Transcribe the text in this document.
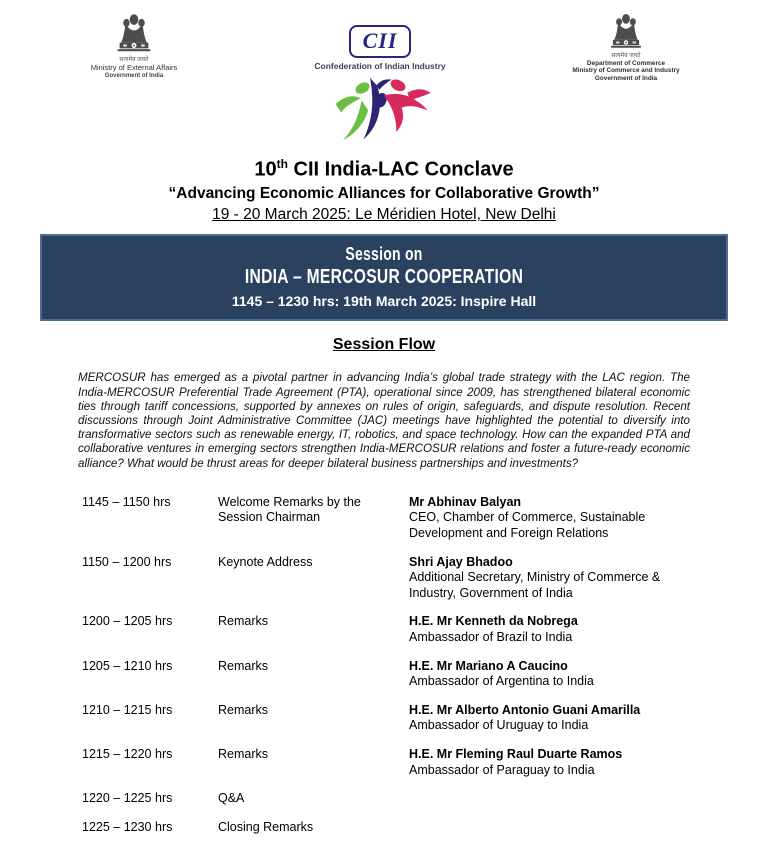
सत्यमेव जयते
Ministry of External Affairs
Government of India
CII
Confederation of Indian Industry
सत्यमेव जयते
Department of Commerce
Ministry of Commerce and Industry
Government of India
10th CII India-LAC Conclave
“Advancing Economic Alliances for Collaborative Growth”
19 - 20 March 2025: Le Méridien Hotel, New Delhi
Session on
INDIA – MERCOSUR COOPERATION
1145 – 1230 hrs: 19th March 2025: Inspire Hall
Session Flow

MERCOSUR has emerged as a pivotal partner in advancing India’s global trade strategy with the LAC region. The India-MERCOSUR Preferential Trade Agreement (PTA), operational since 2009, has strengthened bilateral economic ties through tariff concessions, supported by annexes on rules of origin, safeguards, and dispute resolution. Recent discussions through Joint Administrative Committee (JAC) meetings have highlighted the potential to diversify into transformative sectors such as renewable energy, IT, robotics, and space technology. How can the expanded PTA and collaborative ventures in emerging sectors strengthen India-MERCOSUR relations and foster a future-ready economic alliance? What would be thrust areas for deeper bilateral business partnerships and investments?

1145 – 1150 hrs	Welcome Remarks by the Session Chairman
Mr Abhinav Balyan
CEO, Chamber of Commerce, Sustainable Development and Foreign Relations
1150 – 1200 hrs	Keynote Address	Shri Ajay Bhadoo
Additional Secretary, Ministry of Commerce & Industry, Government of India
1200 – 1205 hrs	Remarks	H.E. Mr Kenneth da Nobrega
Ambassador of Brazil to India
1205 – 1210 hrs	Remarks	H.E. Mr Mariano A Caucino
Ambassador of Argentina to India
1210 – 1215 hrs	Remarks	H.E. Mr Alberto Antonio Guani Amarilla
Ambassador of Uruguay to India
1215 – 1220 hrs	Remarks	H.E. Mr Fleming Raul Duarte Ramos
Ambassador of Paraguay to India
1220 – 1225 hrs	Q&A
1225 – 1230 hrs	Closing Remarks
